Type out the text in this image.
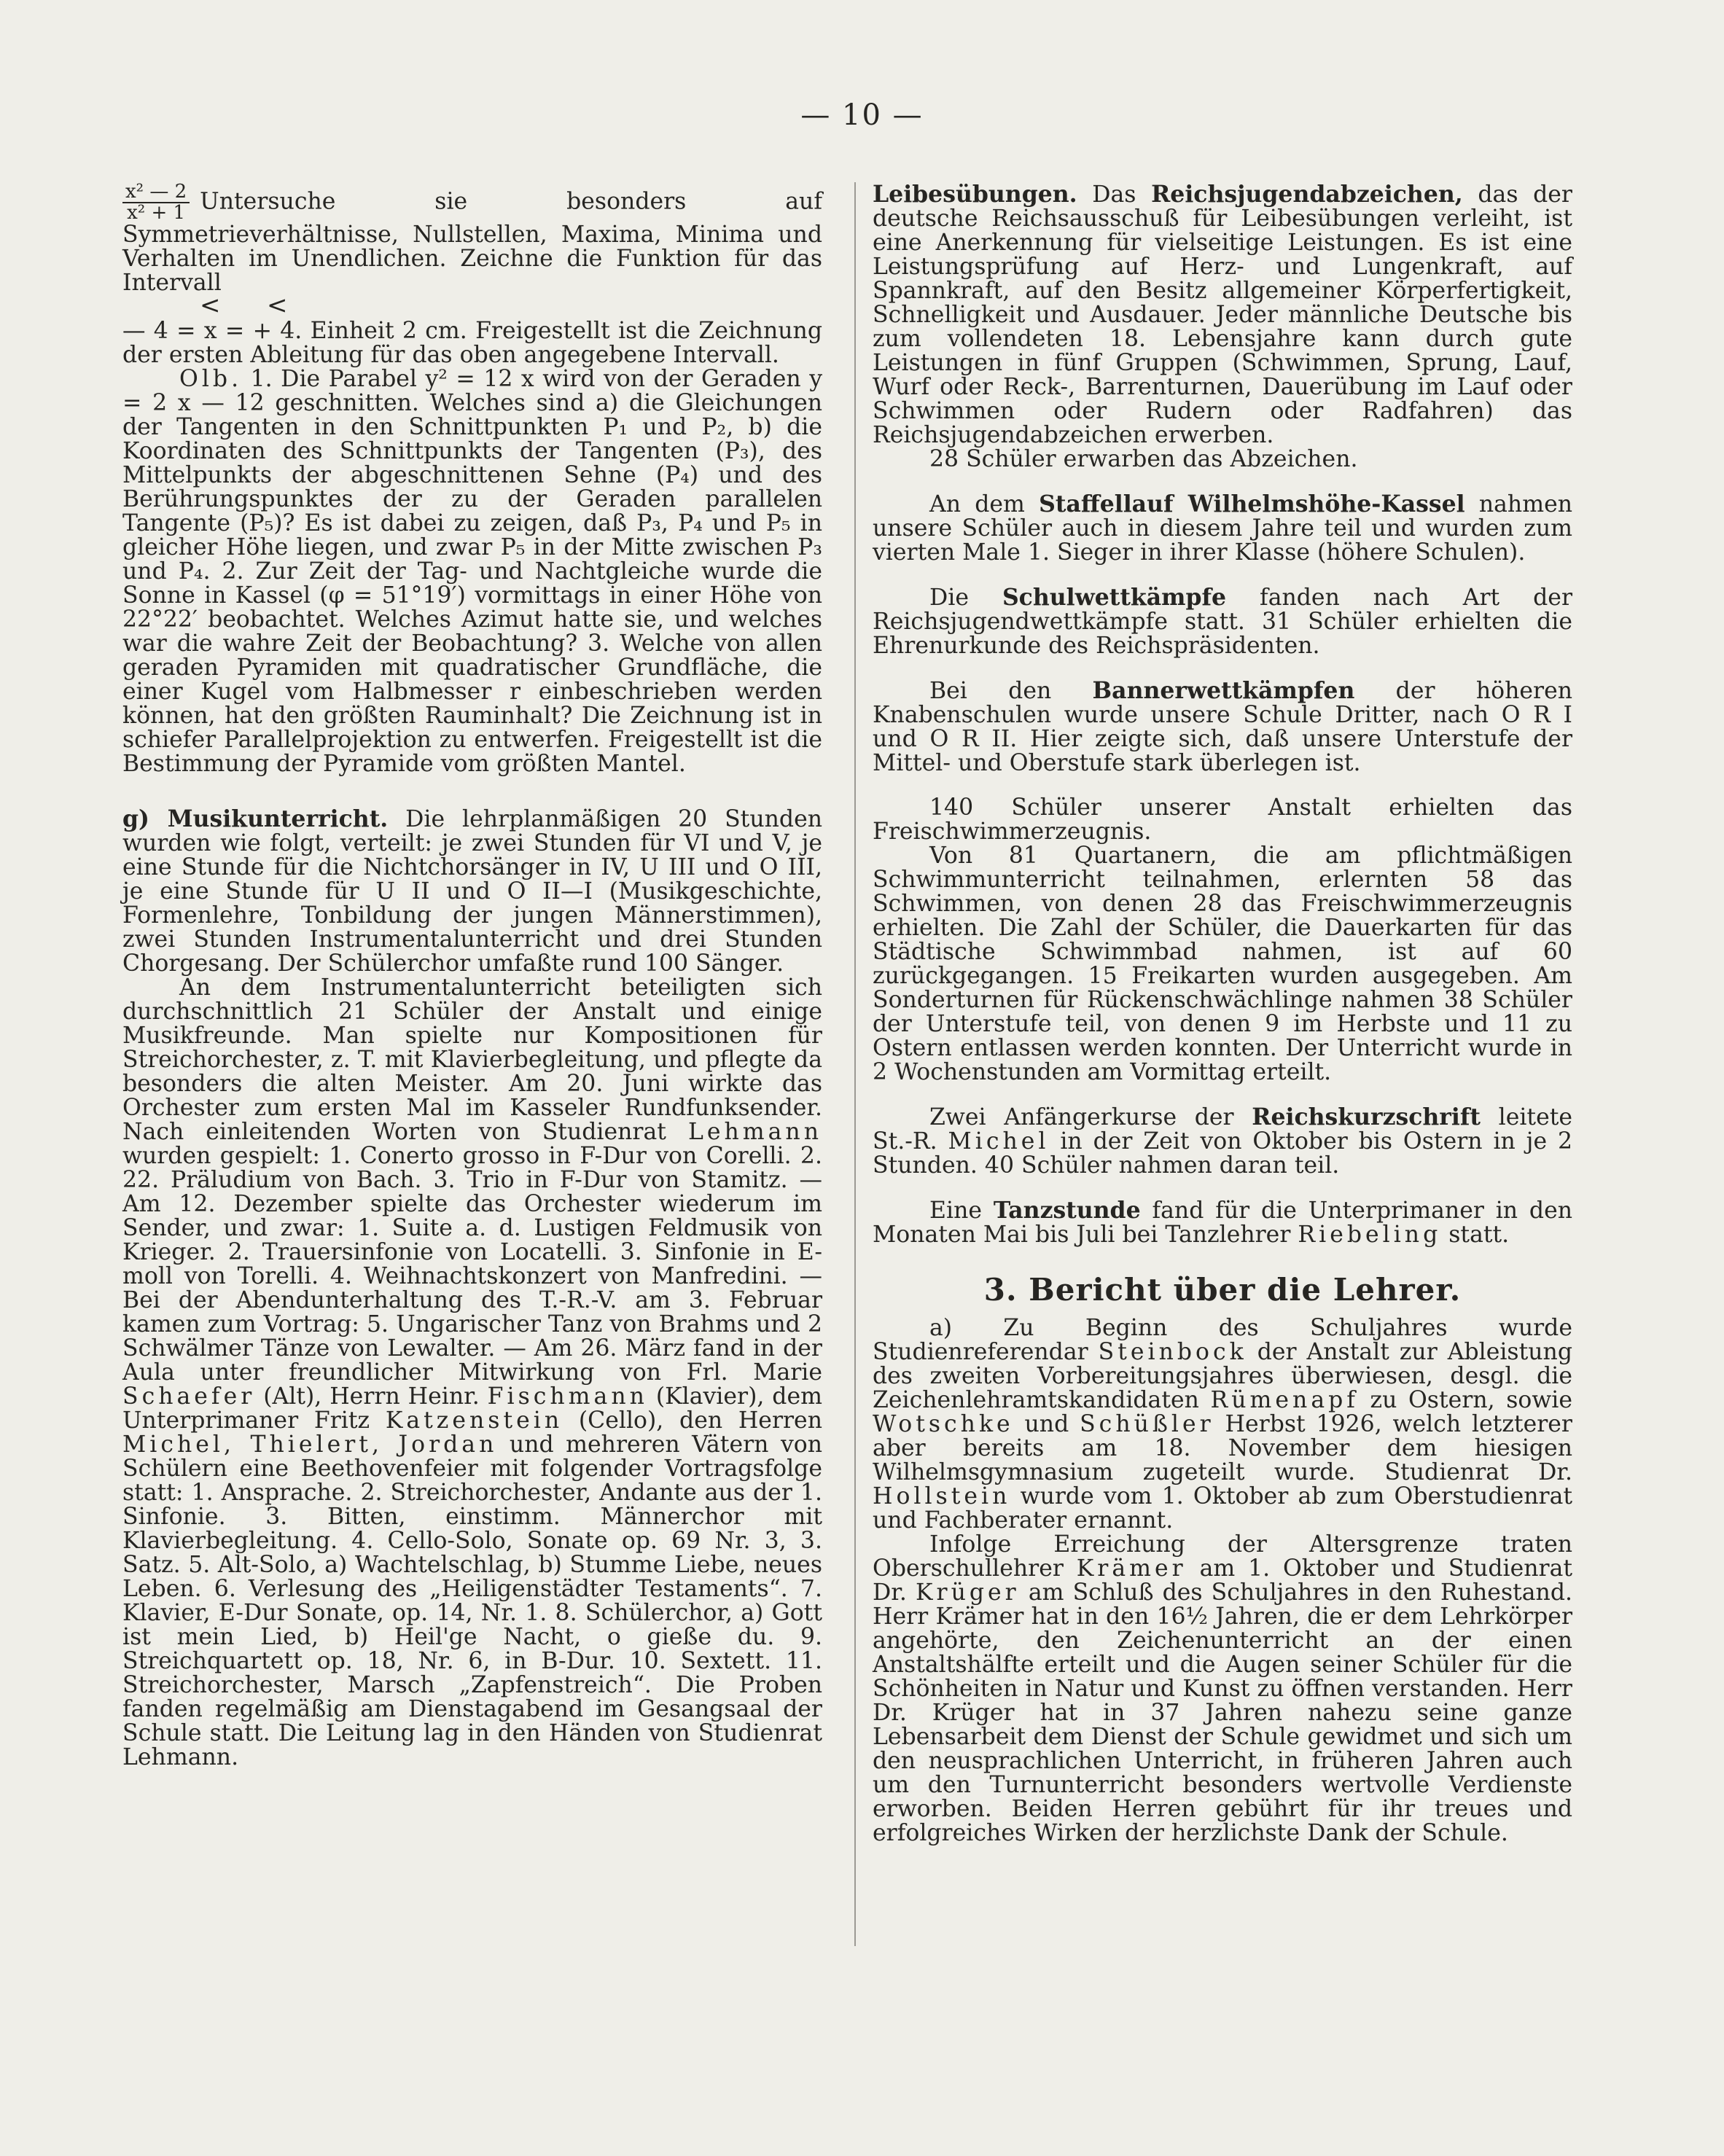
— 10 —

$\frac{\text{x² — 2}}{\text{x² + 1}}$ Untersuche sie besonders auf Symmetrieverhältnisse, Nullstellen, Maxima, Minima und Verhalten im Unendlichen. Zeichne die Funktion für das Intervall

< <

— 4 = x = + 4. Einheit 2 cm. Freigestellt ist die Zeichnung der ersten Ableitung für das oben angegebene Intervall.

Olb. 1. Die Parabel y² = 12 x wird von der Geraden y = 2 x — 12 geschnitten. Welches sind a) die Gleichungen der Tangenten in den Schnittpunkten P₁ und P₂, b) die Koordinaten des Schnittpunkts der Tangenten (P₃), des Mittelpunkts der abgeschnittenen Sehne (P₄) und des Berührungspunktes der zu der Geraden parallelen Tangente (P₅)? Es ist dabei zu zeigen, daß P₃, P₄ und P₅ in gleicher Höhe liegen, und zwar P₅ in der Mitte zwischen P₃ und P₄. 2. Zur Zeit der Tag- und Nachtgleiche wurde die Sonne in Kassel (φ = 51°19′) vormittags in einer Höhe von 22°22′ beobachtet. Welches Azimut hatte sie, und welches war die wahre Zeit der Beobachtung? 3. Welche von allen geraden Pyramiden mit quadratischer Grundfläche, die einer Kugel vom Halbmesser r einbeschrieben werden können, hat den größten Rauminhalt? Die Zeichnung ist in schiefer Parallelprojektion zu entwerfen. Freigestellt ist die Bestimmung der Pyramide vom größten Mantel.

g) Musikunterricht. Die lehrplanmäßigen 20 Stunden wurden wie folgt, verteilt: je zwei Stunden für VI und V, je eine Stunde für die Nichtchorsänger in IV, U III und O III, je eine Stunde für U II und O II—I (Musikgeschichte, Formenlehre, Tonbildung der jungen Männerstimmen), zwei Stunden Instrumentalunterricht und drei Stunden Chorgesang. Der Schülerchor umfaßte rund 100 Sänger.

An dem Instrumentalunterricht beteiligten sich durchschnittlich 21 Schüler der Anstalt und einige Musikfreunde. Man spielte nur Kompositionen für Streichorchester, z. T. mit Klavierbegleitung, und pflegte da besonders die alten Meister. Am 20. Juni wirkte das Orchester zum ersten Mal im Kasseler Rundfunksender. Nach einleitenden Worten von Studienrat Lehmann wurden gespielt: 1. Conerto grosso in F-Dur von Corelli. 2. 22. Präludium von Bach. 3. Trio in F-Dur von Stamitz. — Am 12. Dezember spielte das Orchester wiederum im Sender, und zwar: 1. Suite a. d. Lustigen Feldmusik von Krieger. 2. Trauersinfonie von Locatelli. 3. Sinfonie in E-moll von Torelli. 4. Weihnachtskonzert von Manfredini. — Bei der Abendunterhaltung des T.-R.-V. am 3. Februar kamen zum Vortrag: 5. Ungarischer Tanz von Brahms und 2 Schwälmer Tänze von Lewalter. — Am 26. März fand in der Aula unter freundlicher Mitwirkung von Frl. Marie Schaefer (Alt), Herrn Heinr. Fischmann (Klavier), dem Unterprimaner Fritz Katzenstein (Cello), den Herren Michel, Thielert, Jordan und mehreren Vätern von Schülern eine Beethovenfeier mit folgender Vortragsfolge statt: 1. Ansprache. 2. Streichorchester, Andante aus der 1. Sinfonie. 3. Bitten, einstimm. Männerchor mit Klavierbegleitung. 4. Cello-Solo, Sonate op. 69 Nr. 3, 3. Satz. 5. Alt-Solo, a) Wachtelschlag, b) Stumme Liebe, neues Leben. 6. Verlesung des „Heiligenstädter Testaments“. 7. Klavier, E-Dur Sonate, op. 14, Nr. 1. 8. Schülerchor, a) Gott ist mein Lied, b) Heil'ge Nacht, o gieße du. 9. Streichquartett op. 18, Nr. 6, in B-Dur. 10. Sextett. 11. Streichorchester, Marsch „Zapfenstreich“. Die Proben fanden regelmäßig am Dienstagabend im Gesangsaal der Schule statt. Die Leitung lag in den Händen von Studienrat Lehmann.

Leibesübungen. Das Reichsjugendabzeichen, das der deutsche Reichsausschuß für Leibesübungen verleiht, ist eine Anerkennung für vielseitige Leistungen. Es ist eine Leistungsprüfung auf Herz- und Lungenkraft, auf Spannkraft, auf den Besitz allgemeiner Körperfertigkeit, Schnelligkeit und Ausdauer. Jeder männliche Deutsche bis zum vollendeten 18. Lebensjahre kann durch gute Leistungen in fünf Gruppen (Schwimmen, Sprung, Lauf, Wurf oder Reck-, Barrenturnen, Dauerübung im Lauf oder Schwimmen oder Rudern oder Radfahren) das Reichsjugendabzeichen erwerben.

28 Schüler erwarben das Abzeichen.

An dem Staffellauf Wilhelmshöhe-Kassel nahmen unsere Schüler auch in diesem Jahre teil und wurden zum vierten Male 1. Sieger in ihrer Klasse (höhere Schulen).

Die Schulwettkämpfe fanden nach Art der Reichsjugendwettkämpfe statt. 31 Schüler erhielten die Ehrenurkunde des Reichspräsidenten.

Bei den Bannerwettkämpfen der höheren Knabenschulen wurde unsere Schule Dritter, nach O R I und O R II. Hier zeigte sich, daß unsere Unterstufe der Mittel- und Oberstufe stark überlegen ist.

140 Schüler unserer Anstalt erhielten das Freischwimmerzeugnis.

Von 81 Quartanern, die am pflichtmäßigen Schwimmunterricht teilnahmen, erlernten 58 das Schwimmen, von denen 28 das Freischwimmerzeugnis erhielten. Die Zahl der Schüler, die Dauerkarten für das Städtische Schwimmbad nahmen, ist auf 60 zurückgegangen. 15 Freikarten wurden ausgegeben. Am Sonderturnen für Rückenschwächlinge nahmen 38 Schüler der Unterstufe teil, von denen 9 im Herbste und 11 zu Ostern entlassen werden konnten. Der Unterricht wurde in 2 Wochenstunden am Vormittag erteilt.

Zwei Anfängerkurse der Reichskurzschrift leitete St.-R. Michel in der Zeit von Oktober bis Ostern in je 2 Stunden. 40 Schüler nahmen daran teil.

Eine Tanzstunde fand für die Unterprimaner in den Monaten Mai bis Juli bei Tanzlehrer Riebeling statt.

3. Bericht über die Lehrer.

a) Zu Beginn des Schuljahres wurde Studienreferendar Steinbock der Anstalt zur Ableistung des zweiten Vorbereitungsjahres überwiesen, desgl. die Zeichenlehramtskandidaten Rümenapf zu Ostern, sowie Wotschke und Schüßler Herbst 1926, welch letzterer aber bereits am 18. November dem hiesigen Wilhelmsgymnasium zugeteilt wurde. Studienrat Dr. Hollstein wurde vom 1. Oktober ab zum Oberstudienrat und Fachberater ernannt.

Infolge Erreichung der Altersgrenze traten Oberschullehrer Krämer am 1. Oktober und Studienrat Dr. Krüger am Schluß des Schuljahres in den Ruhestand. Herr Krämer hat in den 16½ Jahren, die er dem Lehrkörper angehörte, den Zeichenunterricht an der einen Anstaltshälfte erteilt und die Augen seiner Schüler für die Schönheiten in Natur und Kunst zu öffnen verstanden. Herr Dr. Krüger hat in 37 Jahren nahezu seine ganze Lebensarbeit dem Dienst der Schule gewidmet und sich um den neusprachlichen Unterricht, in früheren Jahren auch um den Turnunterricht besonders wertvolle Verdienste erworben. Beiden Herren gebührt für ihr treues und erfolgreiches Wirken der herzlichste Dank der Schule.
